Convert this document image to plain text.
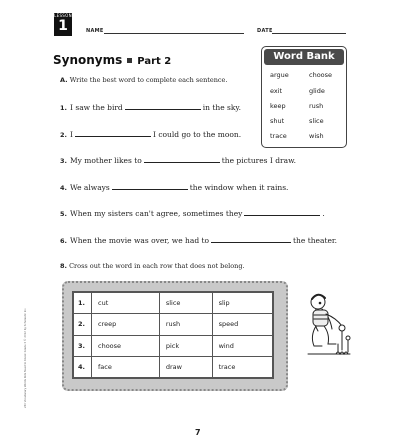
LESSON
1	NAME	DATE
Synonyms Part 2	Word Bank
argue	choose
exit	glide
keep	rush
shut	slice
trace	wish
A. Write the best word to complete each sentence.
1. I saw the bird	in the sky.
2. I	I could go to the moon.
3. My mother likes to	the pictures I draw.
4. We always	the window when it rains.
5. When my sisters can't agree, sometimes they	.
6. When the movie was over, we had to	the theater.
8. Cross out the word in each row that does not belong.
1.	cut	slice	slip
2.	creep	rush	speed
3.	choose	pick	wind
4.	face	draw	trace
240 Vocabulary Words Kids Need to Know: Grade 3 © 2012 by Scholastic Inc.
7
